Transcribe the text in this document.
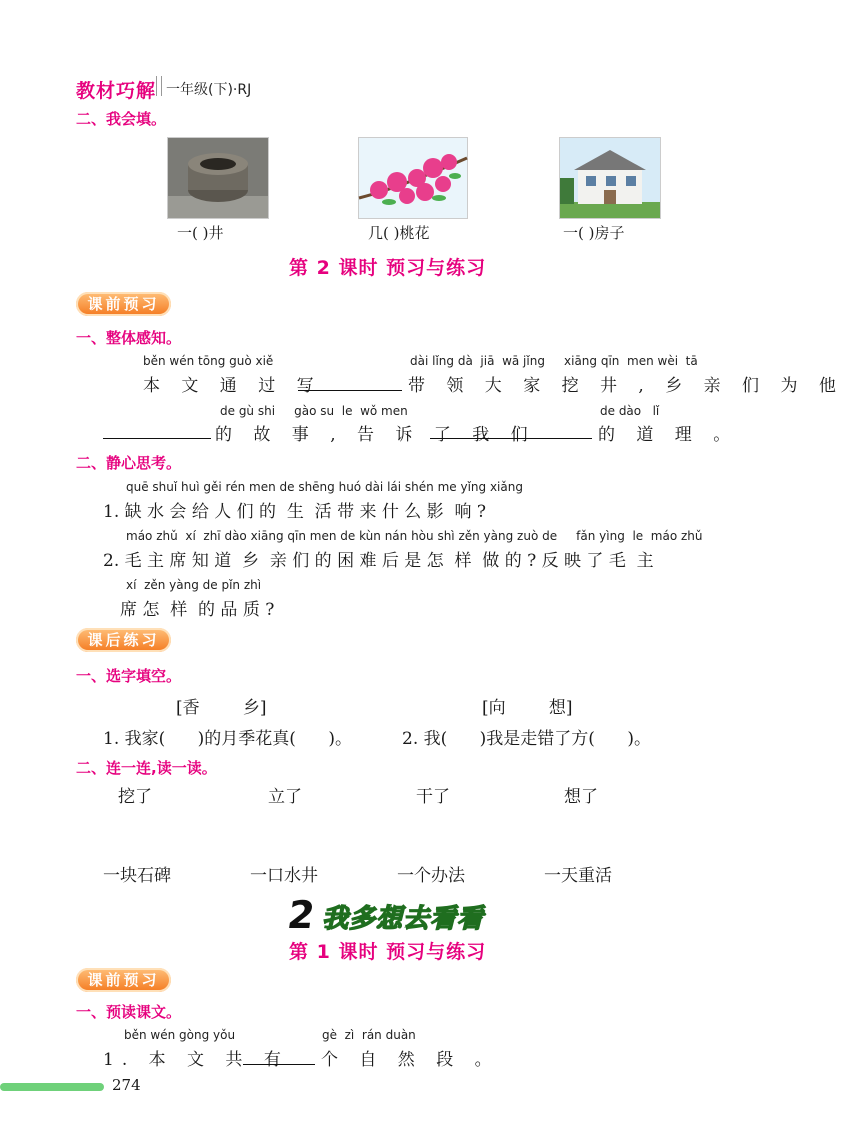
教材巧解 一年级(下)·RJ
二、我会填。
一( )井	几( )桃花	一( )房子
第 2 课时 预习与练习
课前预习
一、整体感知。
běn wén tōng guò xiě	dài lǐng dà  jiā  wā jǐng     xiāng qīn  men wèi  tā
本 文 通 过 写	带 领 大 家 挖 井 , 乡 亲 们 为 他
de gù shi     gào su  le  wǒ men	de dào   lǐ
的 故 事 , 告 诉 了 我 们	的 道 理 。
二、静心思考。
quē shuǐ huì gěi rén men de shēng huó dài lái shén me yǐng xiǎng
1. 缺 水 会 给 人 们 的  生  活 带 来 什 么 影  响 ?
máo zhǔ  xí  zhī dào xiāng qīn men de kùn nán hòu shì zěn yàng zuò de     fǎn yìng  le  máo zhǔ
2. 毛 主 席 知 道  乡  亲 们 的 困 难 后 是 怎  样  做 的 ? 反 映 了 毛  主
xí  zěn yàng de pǐn zhì
席 怎  样  的 品 质 ?
课后练习
一、选字填空。
[香        乡]	[向        想]
1. 我家(      )的月季花真(      )。	2. 我(      )我是走错了方(      )。
二、连一连,读一读。
挖了	立了	干了	想了
一块石碑	一口水井	一个办法	一天重活
2 我多想去看看
第 1 课时 预习与练习
课前预习
一、预读课文。
běn wén gòng yǒu	gè  zì  rán duàn
1. 本 文 共 有 个 自 然 段 。
274
